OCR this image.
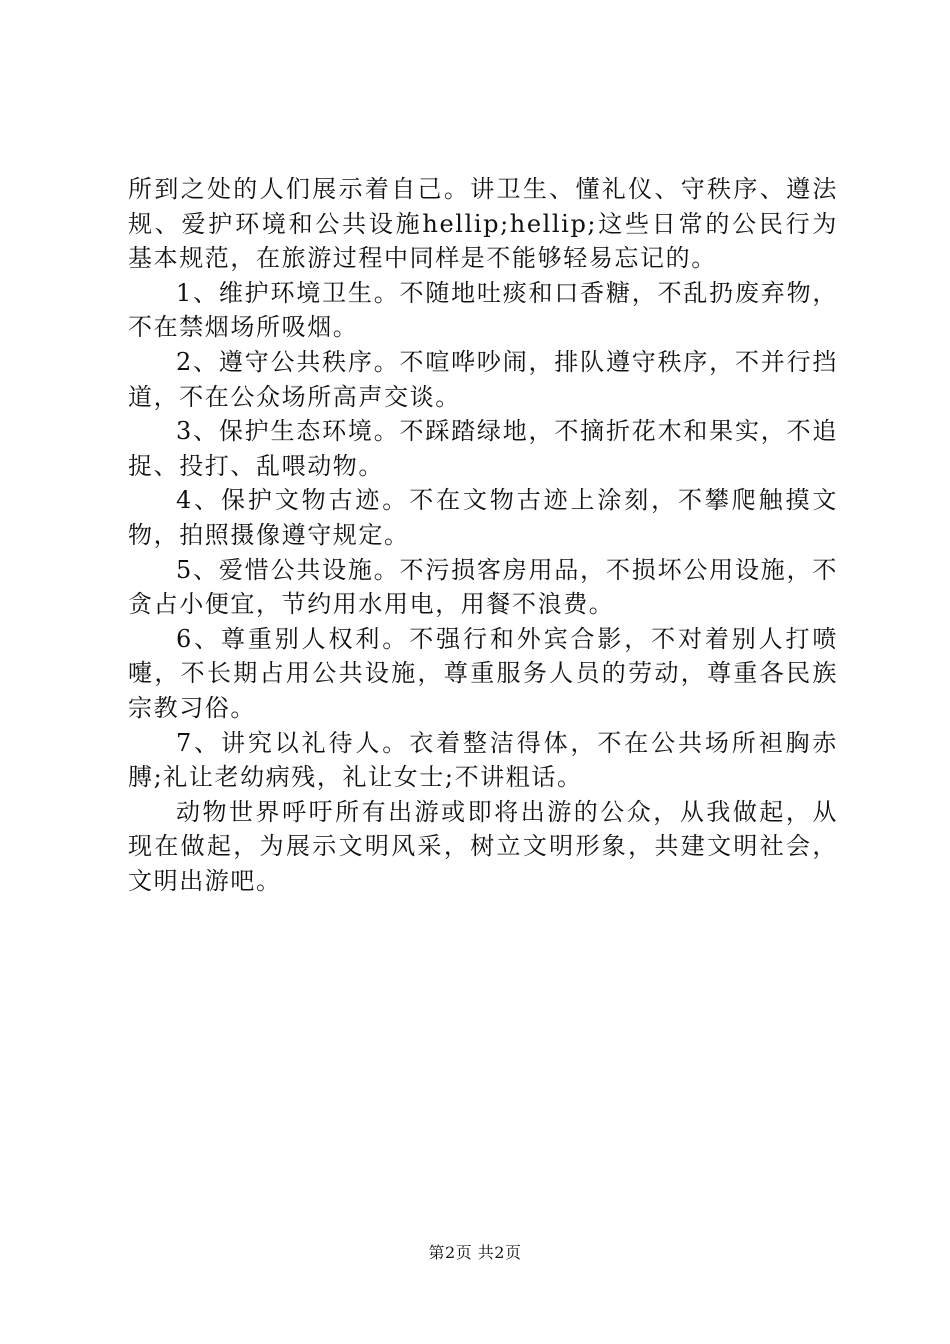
所到之处的人们展示着自己。讲卫生、懂礼仪、守秩序、遵法规、爱护环境和公共设施hellip;hellip;这些日常的公民行为基本规范，在旅游过程中同样是不能够轻易忘记的。

1、维护环境卫生。不随地吐痰和口香糖，不乱扔废弃物，不在禁烟场所吸烟。

2、遵守公共秩序。不喧哗吵闹，排队遵守秩序，不并行挡道，不在公众场所高声交谈。

3、保护生态环境。不踩踏绿地，不摘折花木和果实，不追捉、投打、乱喂动物。

4、保护文物古迹。不在文物古迹上涂刻，不攀爬触摸文物，拍照摄像遵守规定。

5、爱惜公共设施。不污损客房用品，不损坏公用设施，不贪占小便宜，节约用水用电，用餐不浪费。

6、尊重别人权利。不强行和外宾合影，不对着别人打喷嚏，不长期占用公共设施，尊重服务人员的劳动，尊重各民族宗教习俗。

7、讲究以礼待人。衣着整洁得体，不在公共场所袒胸赤膊;礼让老幼病残，礼让女士;不讲粗话。

动物世界呼吁所有出游或即将出游的公众，从我做起，从现在做起，为展示文明风采，树立文明形象，共建文明社会，文明出游吧。

第2页 共2页
